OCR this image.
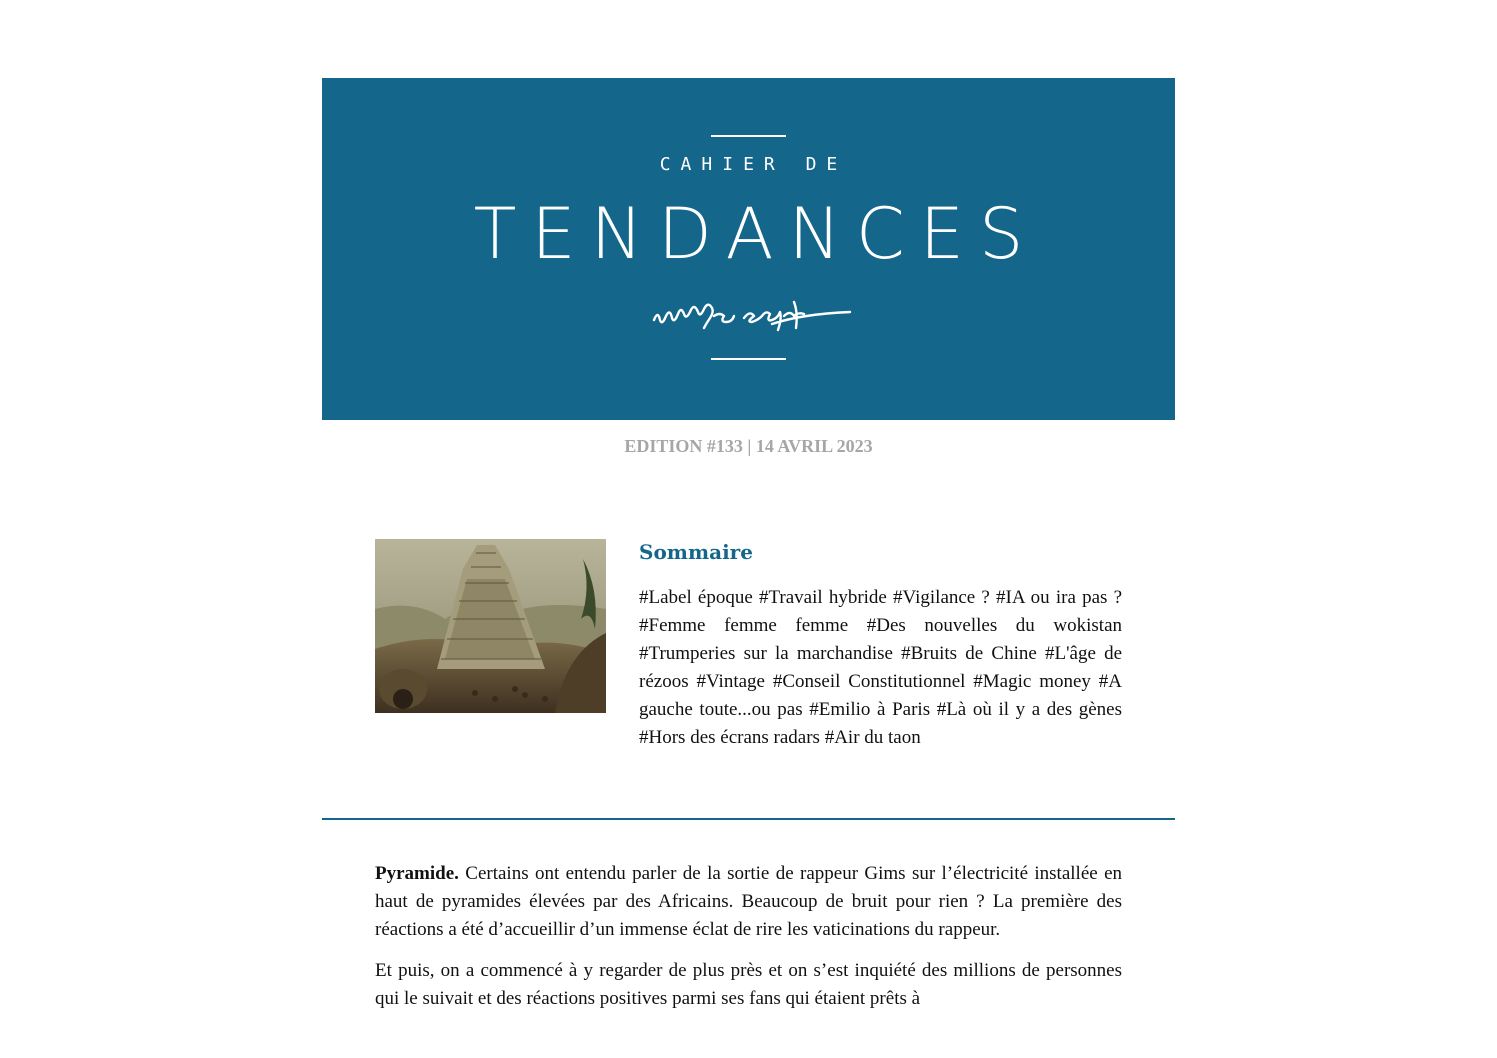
CAHIER DE
TENDANCES
EDITION #133 | 14 AVRIL 2023
Sommaire
#Label époque #Travail hybride #Vigilance ? #IA ou ira pas ? #Femme femme femme #Des nouvelles du wokistan #Trumperies sur la marchandise #Bruits de Chine #L'âge de rézoos #Vintage #Conseil Constitutionnel #Magic money #A gauche toute...ou pas #Emilio à Paris #Là où il y a des gènes #Hors des écrans radars #Air du taon

Pyramide. Certains ont entendu parler de la sortie de rappeur Gims sur l’électricité installée en haut de pyramides élevées par des Africains. Beaucoup de bruit pour rien ? La première des réactions a été d’accueillir d’un immense éclat de rire les vaticinations du rappeur.

Et puis, on a commencé à y regarder de plus près et on s’est inquiété des millions de personnes qui le suivait et des réactions positives parmi ses fans qui étaient prêts à
